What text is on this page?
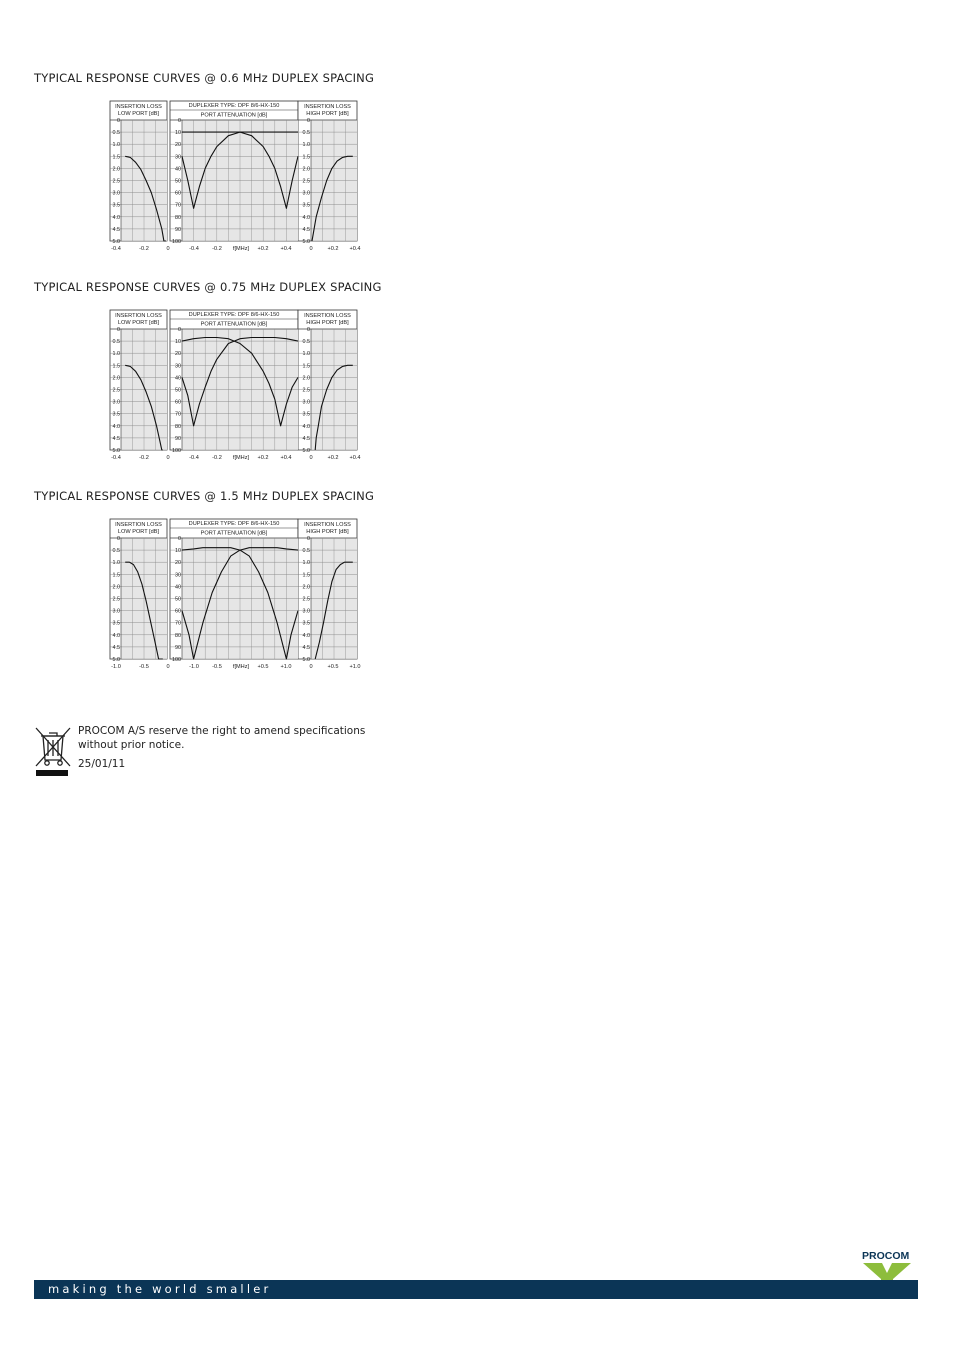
TYPICAL RESPONSE CURVES @ 0.6 MHz DUPLEX SPACING
INSERTION LOSS
LOW PORT [dB]
DUPLEXER TYPE: DPF 8/6-HX-150
PORT ATTENUATION [dB]
INSERTION LOSS
HIGH PORT [dB]
0	0	0
0.5	10	0.5
1.0	20	1.0
1.5	30	1.5
2.0	40	2.0
2.5	50	2.5
3.0	60	3.0
3.5	70	3.5
4.0	80	4.0
4.5	90	4.5
5.0	100	5.0
-0.4	-0.2	0	-0.4 -0.2 f[MHz] +0.2 +0.4	0	+0.2 +0.4
TYPICAL RESPONSE CURVES @ 0.75 MHz DUPLEX SPACING
INSERTION LOSS
LOW PORT [dB]
DUPLEXER TYPE: DPF 8/6-HX-150
PORT ATTENUATION [dB]
INSERTION LOSS
HIGH PORT [dB]
0	0	0
0.5	10	0.5
1.0	20	1.0
1.5	30	1.5
2.0	40	2.0
2.5	50	2.5
3.0	60	3.0
3.5	70	3.5
4.0	80	4.0
4.5	90	4.5
5.0	100	5.0
-0.4	-0.2	0	-0.4 -0.2 f[MHz] +0.2 +0.4	0	+0.2 +0.4
TYPICAL RESPONSE CURVES @ 1.5 MHz DUPLEX SPACING
INSERTION LOSS
LOW PORT [dB]
DUPLEXER TYPE: DPF 8/6-HX-150
PORT ATTENUATION [dB]
INSERTION LOSS
HIGH PORT [dB]
0	0	0
0.5	10	0.5
1.0	20	1.0
1.5	30	1.5
2.0	40	2.0
2.5	50	2.5
3.0	60	3.0
3.5	70	3.5
4.0	80	4.0
4.5	90	4.5
5.0	100	5.0
-1.0	-0.5	0	-1.0 -0.5 f[MHz] +0.5 +1.0	0	+0.5 +1.0
PROCOM A/S reserve the right to amend specifications without prior notice.
25/01/11
PROCOM
making the world smaller
